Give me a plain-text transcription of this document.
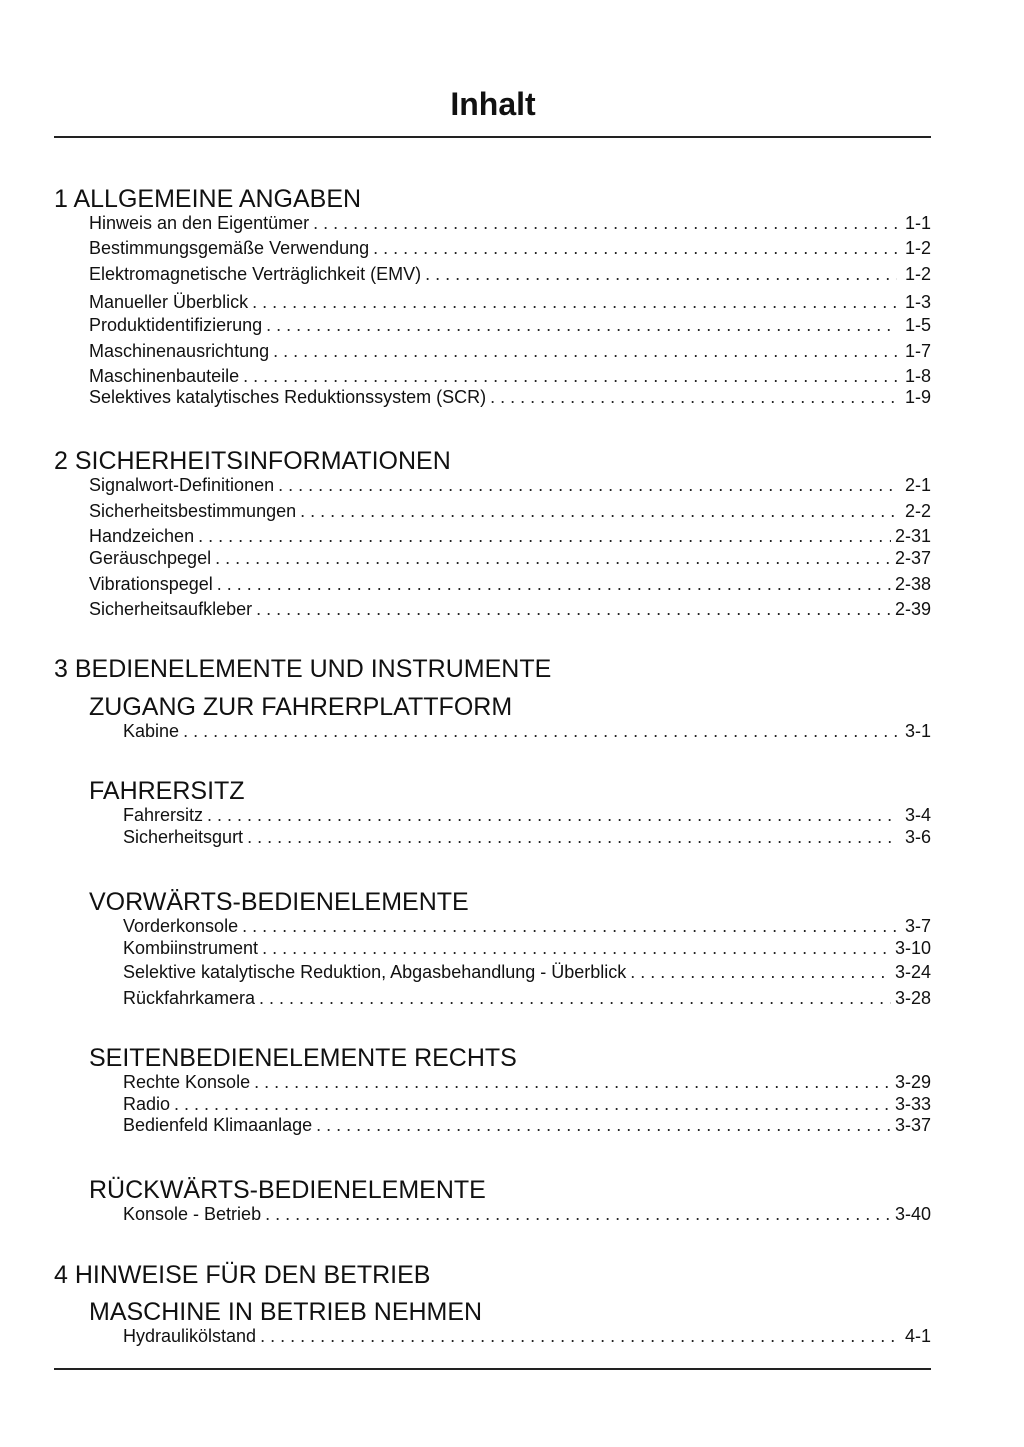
Inhalt
1 ALLGEMEINE ANGABEN
Hinweis an den Eigentümer . . .	1-1
Bestimmungsgemäße Verwendung . . .	1-2
Elektromagnetische Verträglichkeit (EMV) . . .	1-2
Manueller Überblick . . .	1-3
Produktidentifizierung . . .	1-5
Maschinenausrichtung . . .	1-7
Maschinenbauteile . . .	1-8
Selektives katalytisches Reduktionssystem (SCR) . . .	1-9
2 SICHERHEITSINFORMATIONEN
Signalwort-Definitionen . . .	2-1
Sicherheitsbestimmungen . . .	2-2
Handzeichen . . .	2-31
Geräuschpegel . . .	2-37
Vibrationspegel . . .	2-38
Sicherheitsaufkleber . . .	2-39
3 BEDIENELEMENTE UND INSTRUMENTE
ZUGANG ZUR FAHRERPLATTFORM
Kabine . . .	3-1
FAHRERSITZ
Fahrersitz . . .	3-4
Sicherheitsgurt . . .	3-6
VORWÄRTS-BEDIENELEMENTE
Vorderkonsole . . .	3-7
Kombiinstrument . . .	3-10
Selektive katalytische Reduktion, Abgasbehandlung - Überblick . . .	3-24
Rückfahrkamera . . .	3-28
SEITENBEDIENELEMENTE RECHTS
Rechte Konsole . . .	3-29
Radio . . .	3-33
Bedienfeld Klimaanlage . . .	3-37
RÜCKWÄRTS-BEDIENELEMENTE
Konsole - Betrieb . . .	3-40
4 HINWEISE FÜR DEN BETRIEB
MASCHINE IN BETRIEB NEHMEN
Hydraulikölstand . . .	4-1
